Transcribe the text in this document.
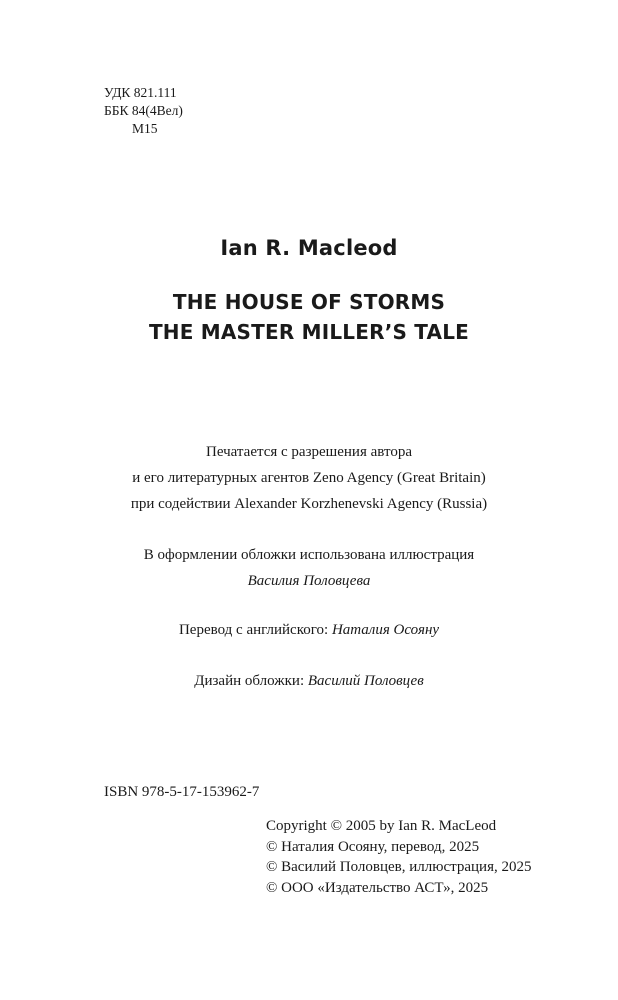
УДК 821.111
ББК 84(4Вел)
М15
Ian R. Macleod
THE HOUSE OF STORMS
THE MASTER MILLER’S TALE
Печатается с разрешения автора
и его литературных агентов Zeno Agency (Great Britain)
при содействии Alexander Korzhenevski Agency (Russia)
В оформлении обложки использована иллюстрация
Василия Половцева
Перевод с английского: Наталия Осояну
Дизайн обложки: Василий Половцев
ISBN 978-5-17-153962-7
Copyright © 2005 by Ian R. MacLeod
© Наталия Осояну, перевод, 2025
© Василий Половцев, иллюстрация, 2025
© ООО «Издательство АСТ», 2025
